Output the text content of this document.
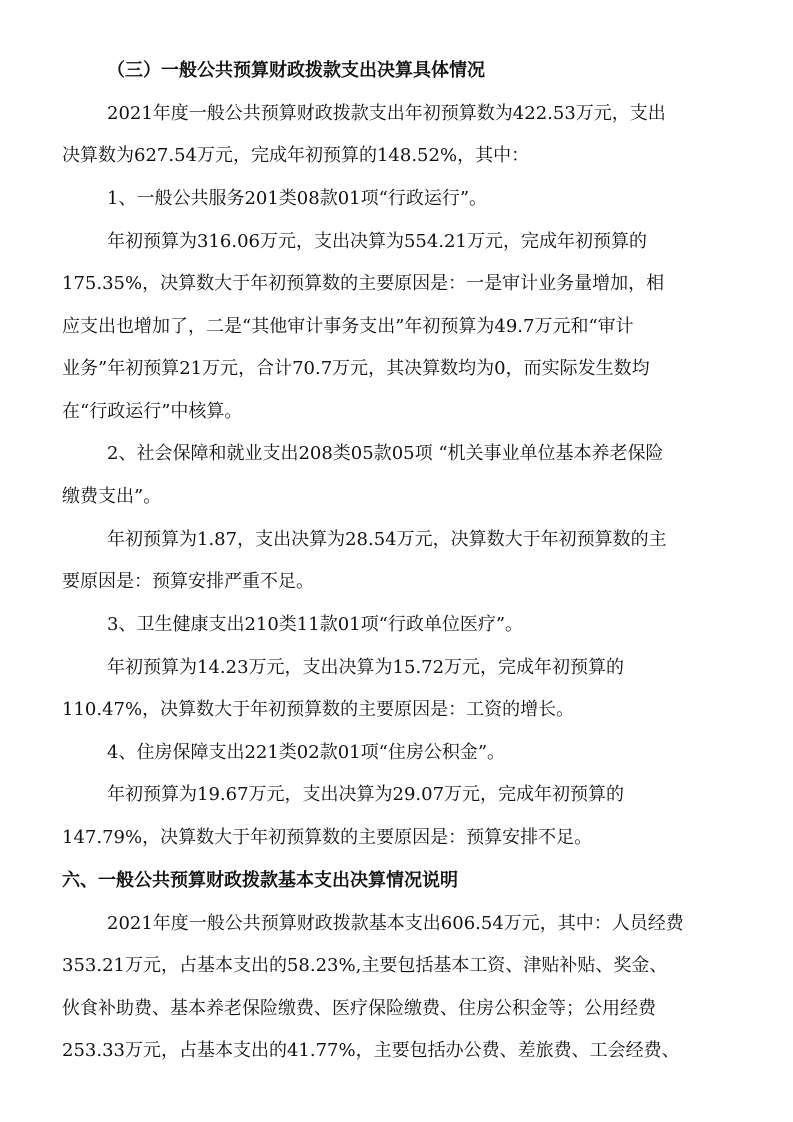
（三）一般公共预算财政拨款支出决算具体情况
2021年度一般公共预算财政拨款支出年初预算数为422.53万元，支出
决算数为627.54万元，完成年初预算的148.52%，其中：
1、一般公共服务201类08款01项“行政运行”。
年初预算为316.06万元，支出决算为554.21万元，完成年初预算的
175.35%，决算数大于年初预算数的主要原因是：一是审计业务量增加，相
应支出也增加了，二是“其他审计事务支出”年初预算为49.7万元和“审计
业务”年初预算21万元，合计70.7万元，其决算数均为0，而实际发生数均
在“行政运行”中核算。
2、社会保障和就业支出208类05款05项 “机关事业单位基本养老保险
缴费支出”。
年初预算为1.87，支出决算为28.54万元，决算数大于年初预算数的主
要原因是：预算安排严重不足。
3、卫生健康支出210类11款01项“行政单位医疗”。
年初预算为14.23万元，支出决算为15.72万元，完成年初预算的
110.47%，决算数大于年初预算数的主要原因是：工资的增长。
4、住房保障支出221类02款01项“住房公积金”。
年初预算为19.67万元，支出决算为29.07万元，完成年初预算的
147.79%，决算数大于年初预算数的主要原因是：预算安排不足。
六、一般公共预算财政拨款基本支出决算情况说明
2021年度一般公共预算财政拨款基本支出606.54万元，其中：人员经费
353.21万元，占基本支出的58.23%,主要包括基本工资、津贴补贴、奖金、
伙食补助费、基本养老保险缴费、医疗保险缴费、住房公积金等；公用经费
253.33万元，占基本支出的41.77%，主要包括办公费、差旅费、工会经费、
